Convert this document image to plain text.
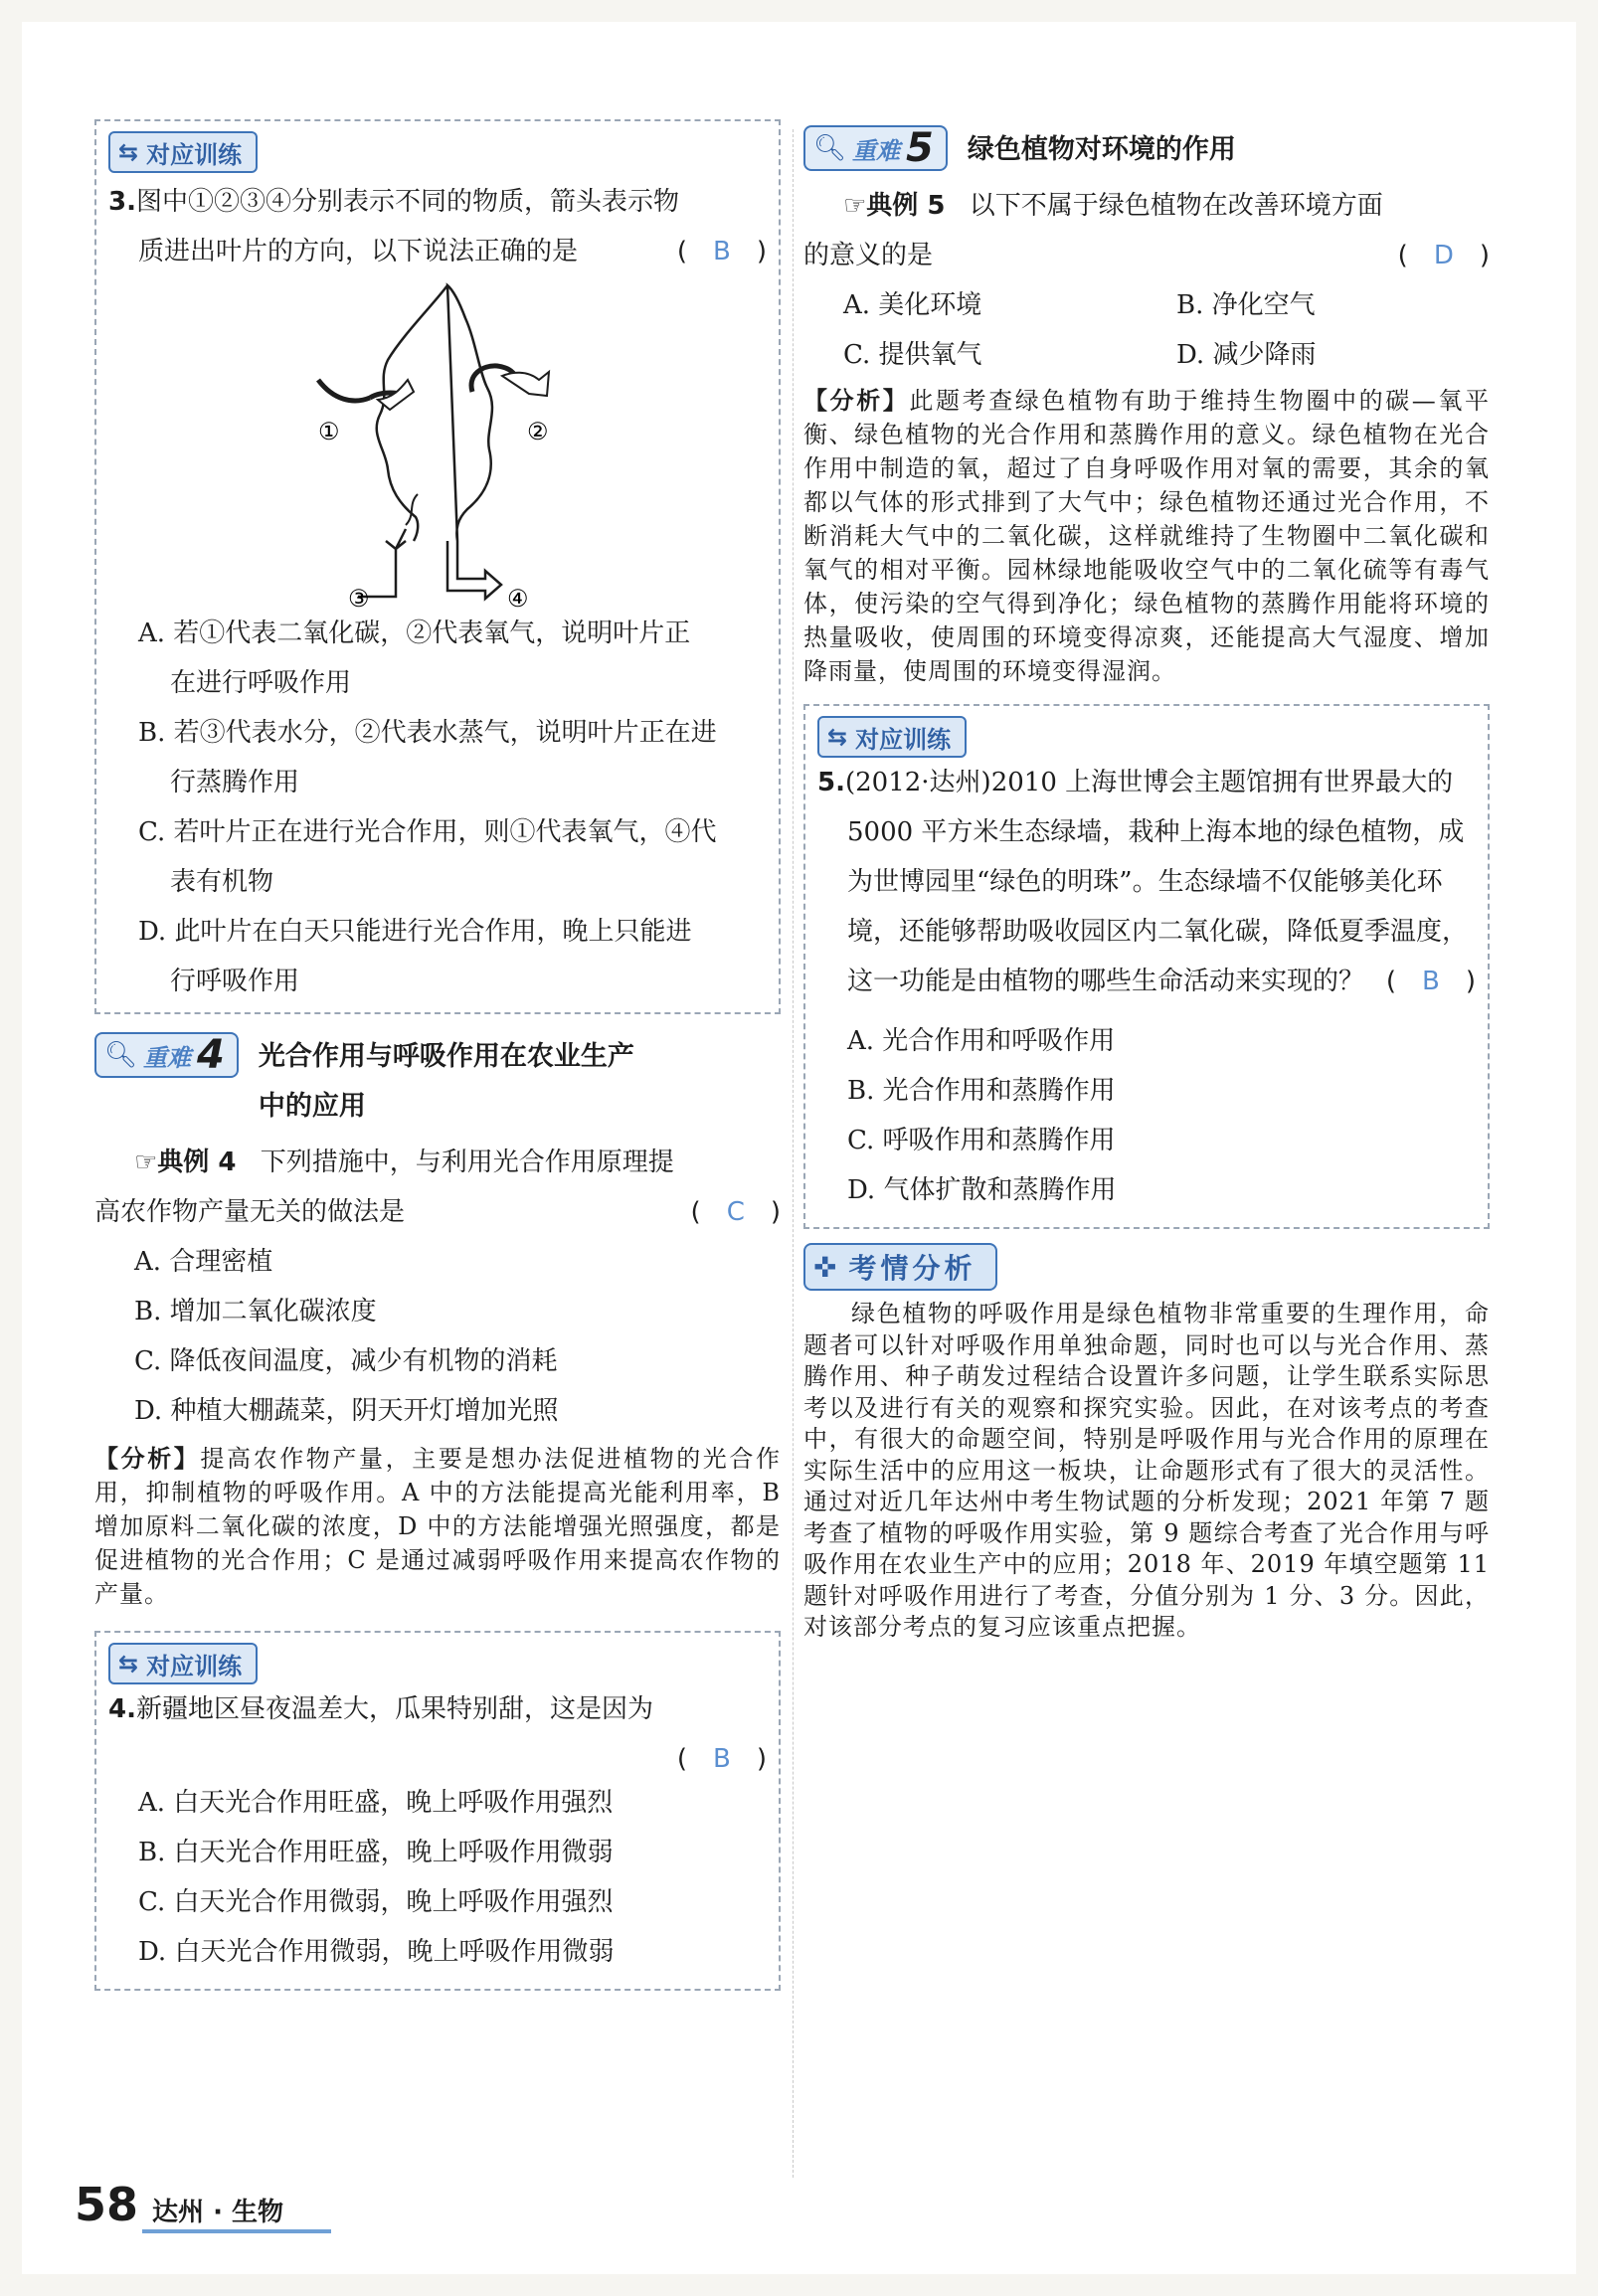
⇆ 对应训练
3.图中①②③④分别表示不同的物质，箭头表示物
质进出叶片的方向，以下说法正确的是	( B )
①	②
③	④
A. 若①代表二氧化碳，②代表氧气，说明叶片正
在进行呼吸作用
B. 若③代表水分，②代表水蒸气，说明叶片正在进
行蒸腾作用
C. 若叶片正在进行光合作用，则①代表氧气，④代
表有机物
D. 此叶片在白天只能进行光合作用，晚上只能进
行呼吸作用
🔍︎ 重难 4 光合作用与呼吸作用在农业生产
中的应用
☞典例 4 下列措施中，与利用光合作用原理提
高农作物产量无关的做法是	( C )
A. 合理密植
B. 增加二氧化碳浓度
C. 降低夜间温度，减少有机物的消耗
D. 种植大棚蔬菜，阴天开灯增加光照
【分析】提高农作物产量，主要是想办法促进植物的光合作用，抑制植物的呼吸作用。A 中的方法能提高光能利用率，B 增加原料二氧化碳的浓度，D 中的方法能增强光照强度，都是促进植物的光合作用；C 是通过减弱呼吸作用来提高农作物的产量。
⇆ 对应训练
4.新疆地区昼夜温差大，瓜果特别甜，这是因为
( B )
A. 白天光合作用旺盛，晚上呼吸作用强烈
B. 白天光合作用旺盛，晚上呼吸作用微弱
C. 白天光合作用微弱，晚上呼吸作用强烈
D. 白天光合作用微弱，晚上呼吸作用微弱
🔍︎ 重难 5 绿色植物对环境的作用
☞典例 5 以下不属于绿色植物在改善环境方面
的意义的是	( D )
A. 美化环境	B. 净化空气
C. 提供氧气	D. 减少降雨
【分析】此题考查绿色植物有助于维持生物圈中的碳—氧平衡、绿色植物的光合作用和蒸腾作用的意义。绿色植物在光合作用中制造的氧，超过了自身呼吸作用对氧的需要，其余的氧都以气体的形式排到了大气中；绿色植物还通过光合作用，不断消耗大气中的二氧化碳，这样就维持了生物圈中二氧化碳和氧气的相对平衡。园林绿地能吸收空气中的二氧化硫等有毒气体，使污染的空气得到净化；绿色植物的蒸腾作用能将环境的热量吸收，使周围的环境变得凉爽，还能提高大气湿度、增加降雨量，使周围的环境变得湿润。
⇆ 对应训练
5.(2012·达州)2010 上海世博会主题馆拥有世界最大的 5000 平方米生态绿墙，栽种上海本地的绿色植物，成为世博园里“绿色的明珠”。生态绿墙不仅能够美化环境，还能够帮助吸收园区内二氧化碳，降低夏季温度，这一功能是由植物的哪些生命活动来实现的？ ( B )
A. 光合作用和呼吸作用
B. 光合作用和蒸腾作用
C. 呼吸作用和蒸腾作用
D. 气体扩散和蒸腾作用
✜ 考情分析
绿色植物的呼吸作用是绿色植物非常重要的生理作用，命题者可以针对呼吸作用单独命题，同时也可以与光合作用、蒸腾作用、种子萌发过程结合设置许多问题，让学生联系实际思考以及进行有关的观察和探究实验。因此，在对该考点的考查中，有很大的命题空间，特别是呼吸作用与光合作用的原理在实际生活中的应用这一板块，让命题形式有了很大的灵活性。通过对近几年达州中考生物试题的分析发现；2021 年第 7 题考查了植物的呼吸作用实验，第 9 题综合考查了光合作用与呼吸作用在农业生产中的应用；2018 年、2019 年填空题第 11 题针对呼吸作用进行了考查，分值分别为 1 分、3 分。因此，对该部分考点的复习应该重点把握。
58 达州 · 生物
